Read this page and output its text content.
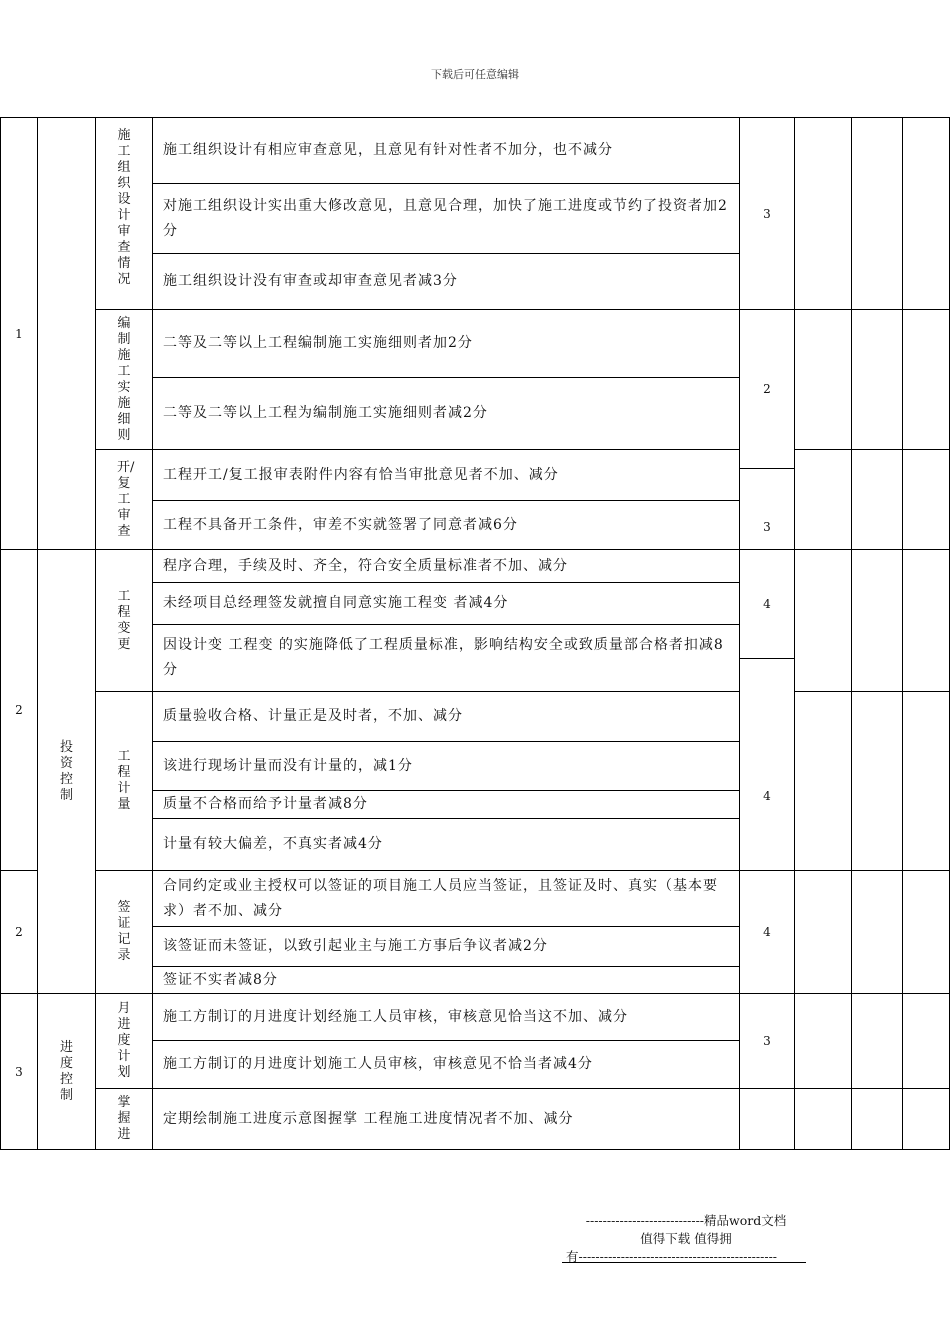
下载后可任意编辑
1
2
2
3
投资控制
进度控制
施工组织设计审查情况
编制施工实施细则
开/复工审查
工程变更
工程计量
签证记录
月进度计划
掌握进
施工组织设计有相应审查意见，且意见有针对性者不加分，也不减分
对施工组织设计实出重大修改意见，且意见合理，加快了施工进度或节约了投资者加2分
施工组织设计没有审查或却审查意见者减3分
二等及二等以上工程编制施工实施细则者加2分
二等及二等以上工程为编制施工实施细则者减2分
工程开工/复工报审表附件内容有恰当审批意见者不加、减分
工程不具备开工条件，审差不实就签署了同意者减6分
程序合理，手续及时、齐全，符合安全质量标准者不加、减分
未经项目总经理签发就擅自同意实施工程变 者减4分
因设计变 工程变 的实施降低了工程质量标准，影响结构安全或致质量部合格者扣减8分
质量验收合格、计量正是及时者，不加、减分
该进行现场计量而没有计量的，减1分
质量不合格而给予计量者减8分
计量有较大偏差，不真实者减4分
合同约定或业主授权可以签证的项目施工人员应当签证，且签证及时、真实（基本要求）者不加、减分
该签证而未签证，以致引起业主与施工方事后争议者减2分
签证不实者减8分
施工方制订的月进度计划经施工人员审核，审核意见恰当这不加、减分
施工方制订的月进度计划施工人员审核，审核意见不恰当者减4分
定期绘制施工进度示意图握掌 工程施工进度情况者不加、减分
3
2
3
4
4
4
3
----------------------------精品word文档
值得下载 值得拥
有-----------------------------------------------
